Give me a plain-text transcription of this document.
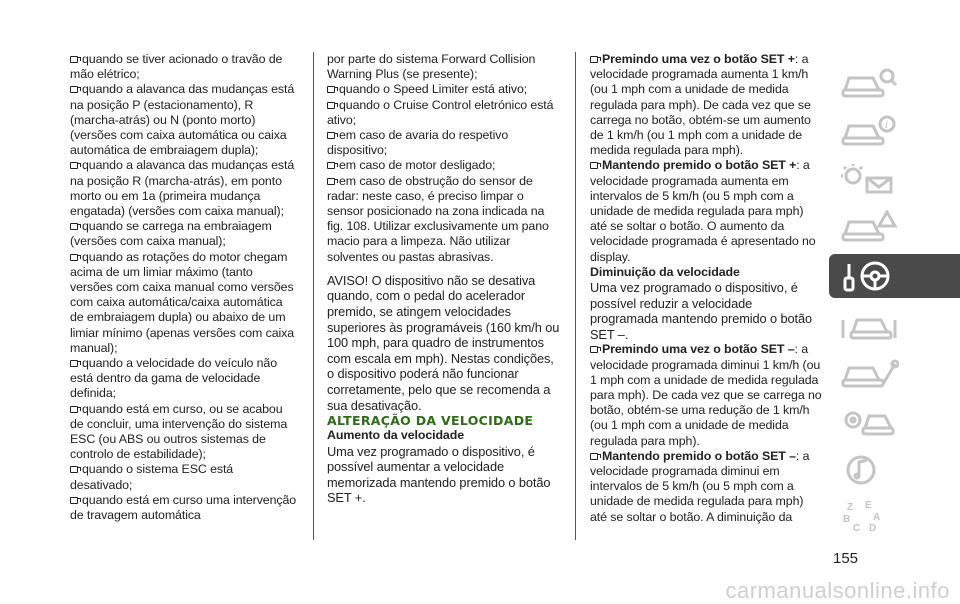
quando se tiver acionado o travão de mão elétrico;

quando a alavanca das mudanças está na posição P (estacionamento), R (marcha-atrás) ou N (ponto morto) (versões com caixa automática ou caixa automática de embraiagem dupla);

quando a alavanca das mudanças está na posição R (marcha-atrás), em ponto morto ou em 1a (primeira mudança engatada) (versões com caixa manual);

quando se carrega na embraiagem (versões com caixa manual);

quando as rotações do motor chegam acima de um limiar máximo (tanto versões com caixa manual como versões com caixa automática/caixa automática de embraiagem dupla) ou abaixo de um limiar mínimo (apenas versões com caixa manual);

quando a velocidade do veículo não está dentro da gama de velocidade definida;

quando está em curso, ou se acabou de concluir, uma intervenção do sistema ESC (ou ABS ou outros sistemas de controlo de estabilidade);

quando o sistema ESC está desativado;

quando está em curso uma intervenção de travagem automática

por parte do sistema Forward Collision Warning Plus (se presente);

quando o Speed Limiter está ativo;

quando o Cruise Control eletrónico está ativo;

em caso de avaria do respetivo dispositivo;

em caso de motor desligado;

em caso de obstrução do sensor de radar: neste caso, é preciso limpar o sensor posicionado na zona indicada na fig. 108. Utilizar exclusivamente um pano macio para a limpeza. Não utilizar solventes ou pastas abrasivas.

AVISO! O dispositivo não se desativa quando, com o pedal do acelerador premido, se atingem velocidades superiores às programáveis (160 km/h ou 100 mph, para quadro de instrumentos com escala em mph). Nestas condições, o dispositivo poderá não funcionar corretamente, pelo que se recomenda a sua desativação.

ALTERAÇÃO DA VELOCIDADE

Aumento da velocidade

Uma vez programado o dispositivo, é possível aumentar a velocidade memorizada mantendo premido o botão SET +.

Premindo uma vez o botão SET +: a velocidade programada aumenta 1 km/h (ou 1 mph com a unidade de medida regulada para mph). De cada vez que se carrega no botão, obtém-se um aumento de 1 km/h (ou 1 mph com a unidade de medida regulada para mph).

Mantendo premido o botão SET +: a velocidade programada aumenta em intervalos de 5 km/h (ou 5 mph com a unidade de medida regulada para mph) até se soltar o botão. O aumento da velocidade programada é apresentado no display.

Diminuição da velocidade

Uma vez programado o dispositivo, é possível reduzir a velocidade programada mantendo premido o botão SET –.

Premindo uma vez o botão SET –: a velocidade programada diminui 1 km/h (ou 1 mph com a unidade de medida regulada para mph). De cada vez que se carrega no botão, obtém-se uma redução de 1 km/h (ou 1 mph com a unidade de medida regulada para mph).

Mantendo premido o botão SET –: a velocidade programada diminui em intervalos de 5 km/h (ou 5 mph com a unidade de medida regulada para mph) até se soltar o botão. A diminuição da

i
Z E
B A
C D
155
carmanualsonline.info
